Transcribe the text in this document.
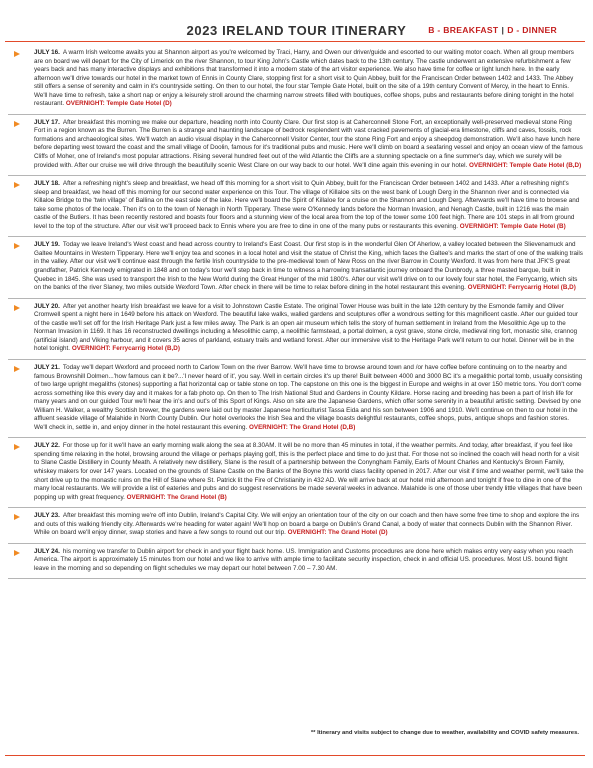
2023 IRELAND TOUR ITINERARY	B - BREAKFAST | D - DINNER
JULY 16. A warm Irish welcome awaits you at Shannon airport as you're welcomed by Traci, Harry, and Owen our driver/guide and escorted to our waiting motor coach. When all group members are on board we will depart for the City of Limerick on the river Shannon, to tour King John's Castle which dates back to the 13th century. The castle underwent an extensive refurbishment a few years back and has many interactive displays and exhibitions that transformed it into a modern state of the art visitor experience. We also have time for coffee or light lunch here. In the early afternoon we'll drive towards our hotel in the market town of Ennis in County Clare, stopping first for a short visit to Quin Abbey, built for the Franciscan Order between 1402 and 1433. The Abbey still offers a sense of serenity and calm in it's countryside setting. On then to our hotel, the four star Temple Gate Hotel, built on the site of a 19th century Convent of Mercy, in the heart to Ennis. We'll have time to refresh, take a short nap or enjoy a leisurely stroll around the charming narrow streets filled with boutiques, coffee shops, pubs and restaurants before dining tonight in the hotel restaurant. OVERNIGHT: Temple Gate Hotel (D)
JULY 17. After breakfast this morning we make our departure, heading north into County Clare. Our first stop is at Caherconnell Stone Fort, an exceptionally well-preserved medieval stone Ring Fort in a region known as the Burren. The Burren is a strange and haunting landscape of bedrock resplendent with vast cracked pavements of glacial-era limestone, cliffs and caves, fossils, rock formations and archaeological sites. We'll watch an audio visual display in the Caherconnell Visitor Center, tour the stone Ring Fort and enjoy a sheepdog demonstration. We'll also have lunch here before departing west toward the coast and the small village of Doolin, famous for it's traditional pubs and music. Here we'll climb on board a seafaring vessel and enjoy an ocean view of the famous Cliffs of Moher, one of Ireland's most popular attractions. Rising several hundred feet out of the wild Atlantic the Cliffs are a stunning spectacle on a fine summer's day, which we surely will be provided with. After our cruise we will drive through the beautifully scenic West Clare on our way back to our hotel. We'll dine again this evening in our hotel. OVERNIGHT: Temple Gate Hotel (B,D)
JULY 18. After a refreshing night's sleep and breakfast, we head off this morning for a short visit to Quin Abbey, built for the Franciscan Order between 1402 and 1433. After a refreshing night's sleep and breakfast, we head off this morning for our second water experience on this Tour. The village of Killaloe sits on the west bank of Lough Derg in the Shannon river and is connected via Killaloe Bridge to the 'twin village' of Ballina on the east side of the lake. Here we'll board the Spirit of Killaloe for a cruise on the Shannon and Lough Derg. Afterwards we'll have time to browse and take some photos of the locale. Then it's on to the town of Nenagh in North Tipperary. These were O'Kennedy lands before the Norman Invasion, and Nenagh Castle, built in 1216 was the main castle of the Butlers. It has been recently restored and boasts four floors and a stunning view of the local area from the top of the tower some 100 feet high. There are 101 steps in all from ground level to the top of the structure. After our visit we'll proceed back to Ennis where you are free to dine in one of the many pubs or restaurants this evening. OVERNIGHT: Temple Gate Hotel (B)
JULY 19. Today we leave Ireland's West coast and head across country to Ireland's East Coast. Our first stop is in the wonderful Glen Of Aherlow, a valley located between the Slievenamuck and Galtee Mountains in Western Tipperary. Here we'll enjoy tea and scones in a local hotel and visit the statue of Christ the King, which faces the Galtee's and marks the start of one of the walking trails in the valley. After our visit we'll continue east through the fertile Irish countryside to the pre-medieval town of New Ross on the river Barrow in County Wexford. It was from here that JFK'S great grandfather, Patrick Kennedy emigrated in 1848 and on today's tour we'll step back in time to witness a harrowing transatlantic journey onboard the Dunbrody, a three masted barque, built in Quebec in 1845. She was used to transport the Irish to the New World during the Great Hunger of the mid 1800's. After our visit we'll drive on to our lovely four star hotel, the Ferrycarrig, which sits on the banks of the river Slaney, two miles outside Wexford Town. After check in there will be time to relax before dining in the hotel restaurant this evening. OVERNIGHT: Ferrycarrig Hotel (B,D)
JULY 20. After yet another hearty Irish breakfast we leave for a visit to Johnstown Castle Estate. The original Tower House was built in the late 12th century by the Esmonde family and Oliver Cromwell spent a night here in 1649 before his attack on Wexford. The beautiful lake walks, walled gardens and sculptures offer a wondrous setting for this magnificent castle. After our guided tour of the castle we'll set off for the Irish Heritage Park just a few miles away. The Park is an open air museum which tells the story of human settlement in Ireland from the Mesolithic Age up to the Norman Invasion in 1169. It has 16 reconstructed dwellings including a Mesolithic camp, a neolithic farmstead, a portal dolmen, a cyst grave, stone circle, medieval ring fort, monastic site, crannog (artificial island) and Viking harbour, and it covers 35 acres of parkland, estuary trails and wetland forest. After our immersive visit to the Heritage Park we'll return to our hotel. Dinner will be in the hotel tonight. OVERNIGHT: Ferrycarrig Hotel (B,D)
JULY 21. Today we'll depart Wexford and proceed north to Carlow Town on the river Barrow. We'll have time to browse around town and /or have coffee before continuing on to the nearby and famous Brownshill Dolmen...'how famous can it be?...'I never heard of it', you say. Well in certain circles it's up there! Built between 4000 and 3000 BC it's a megalithic portal tomb, usually consisting of two large upright megaliths (stones) supporting a flat horizontal cap or table stone on top. The capstone on this one is the biggest in Europe and weighs in at over 150 metric tons. You don't come across something like this every day and it makes for a fab photo op. On then to The Irish National Stud and Gardens in County Kildare. Horse racing and breeding has been a part of Irish life for many years and on our guided Tour we'll hear the in's and out's of this Sport of Kings. Also on site are the Japanese Gardens, which offer some serenity in a beautiful artistic setting. Devised by one William H. Walker, a wealthy Scottish brewer, the gardens were laid out by master Japanese horticulturist Tassa Eida and his son between 1906 and 1910. We'll continue on then to our hotel in the affluent seaside village of Malahide in North County Dublin. Our hotel overlooks the Irish Sea and the village boasts delightful restaurants, coffee shops, pubs, antique shops and fashion stores. We'll check in, settle in, and enjoy dinner in the hotel restaurant this evening. OVERNIGHT: The Grand Hotel (D,B)
JULY 22. For those up for it we'll have an early morning walk along the sea at 8.30AM. It will be no more than 45 minutes in total, if the weather permits. And today, after breakfast, if you feel like spending time relaxing in the hotel, browsing around the village or perhaps playing golf, this is the perfect place and time to do just that. For those not so inclined the coach will head north for a visit to Slane Castle Distillery in County Meath. A relatively new distillery, Slane is the result of a partnership between the Conyngham Family, Earls of Mount Charles and Kentucky's Brown Family, whiskey makers for over 147 years. Located on the grounds of Slane Castle on the Banks of the Boyne this world class facility opened in 2017. After our visit if time and weather permit, we'll take the short drive up to the monastic ruins on the Hill of Slane where St. Patrick lit the Fire of Christianity in 432 AD. We will arrive back at our hotel mid afternoon and tonight if free to dine in one of the many local restaurants. We will provide a list of eateries and pubs and do suggest reservations be made several weeks in advance. Malahide is one of those uber trendy little villages that have been popping up with great frequency. OVERNIGHT: The Grand Hotel (B)
JULY 23. After breakfast this morning we're off into Dublin, Ireland's Capital City. We will enjoy an orientation tour of the city on our coach and then have some free time to shop and explore the ins and outs of this walking friendly city. Afterwards we're heading for water again! We'll hop on board a barge on Dublin's Grand Canal, a body of water that connects Dublin with the Shannon River. While on board we'll enjoy dinner, swap stories and have a few songs to round out our trip. OVERNIGHT: The Grand Hotel (D)
JULY 24. his morning we transfer to Dublin airport for check in and your flight back home. US. Immigration and Customs procedures are done here which makes entry very easy when you reach America. The airport is approximately 15 minutes from our hotel and we like to arrive with ample time to facilitate security inspection, check in and official US. procedures. Most US. bound flight leave in the morning and so depending on flight schedules we may depart our hotel between 7.00 – 7.30 AM.
** Itinerary and visits subject to change due to weather, availability and COVID safety measures.
